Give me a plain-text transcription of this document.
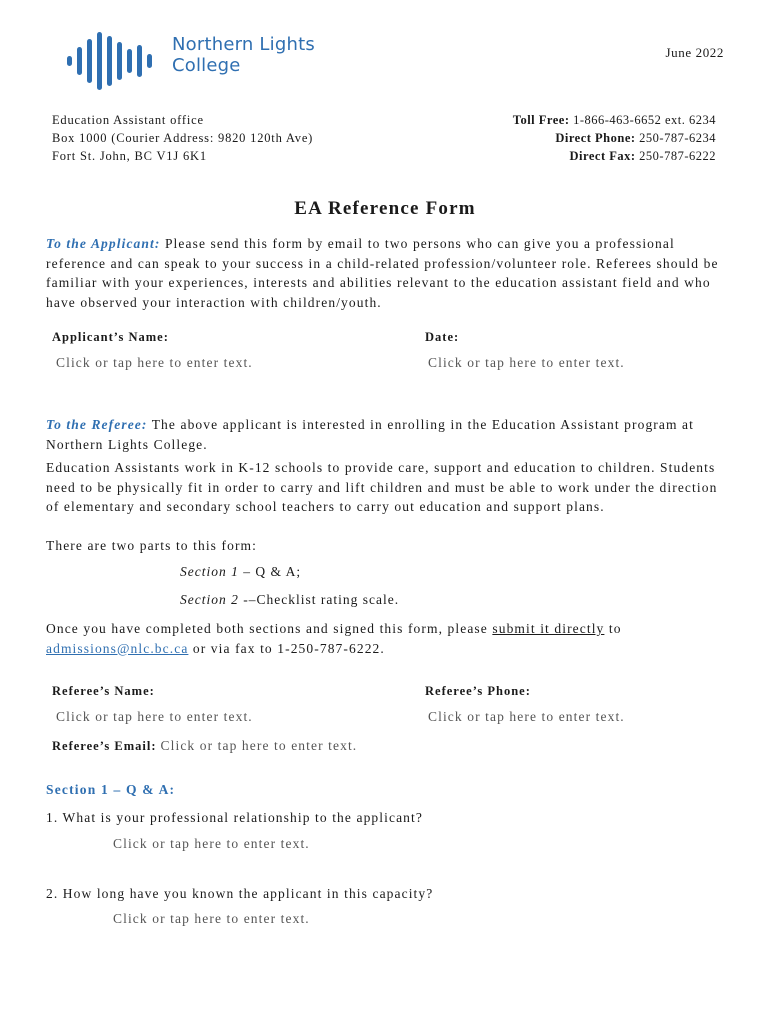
Northern Lights
College
June 2022
Education Assistant office
Box 1000 (Courier Address: 9820 120th Ave)
Fort St. John, BC V1J 6K1
Toll Free: 1-866-463-6652 ext. 6234
Direct Phone: 250-787-6234
Direct Fax: 250-787-6222
EA Reference Form
To the Applicant: Please send this form by email to two persons who can give you a professional reference and can speak to your success in a child-related profession/volunteer role. Referees should be familiar with your experiences, interests and abilities relevant to the education assistant field and who have observed your interaction with children/youth.
Applicant’s Name:	Date:
Click or tap here to enter text.	Click or tap here to enter text.
To the Referee: The above applicant is interested in enrolling in the Education Assistant program at Northern Lights College.
Education Assistants work in K-12 schools to provide care, support and education to children. Students need to be physically fit in order to carry and lift children and must be able to work under the direction of elementary and secondary school teachers to carry out education and support plans.
There are two parts to this form:
Section 1 – Q & A;
Section 2 -–Checklist rating scale.
Once you have completed both sections and signed this form, please submit it directly to
admissions@nlc.bc.ca or via fax to 1-250-787-6222.
Referee’s Name:	Referee’s Phone:
Click or tap here to enter text.	Click or tap here to enter text.
Referee’s Email: Click or tap here to enter text.
Section 1 – Q & A:
1. What is your professional relationship to the applicant?
Click or tap here to enter text.
2. How long have you known the applicant in this capacity?
Click or tap here to enter text.
